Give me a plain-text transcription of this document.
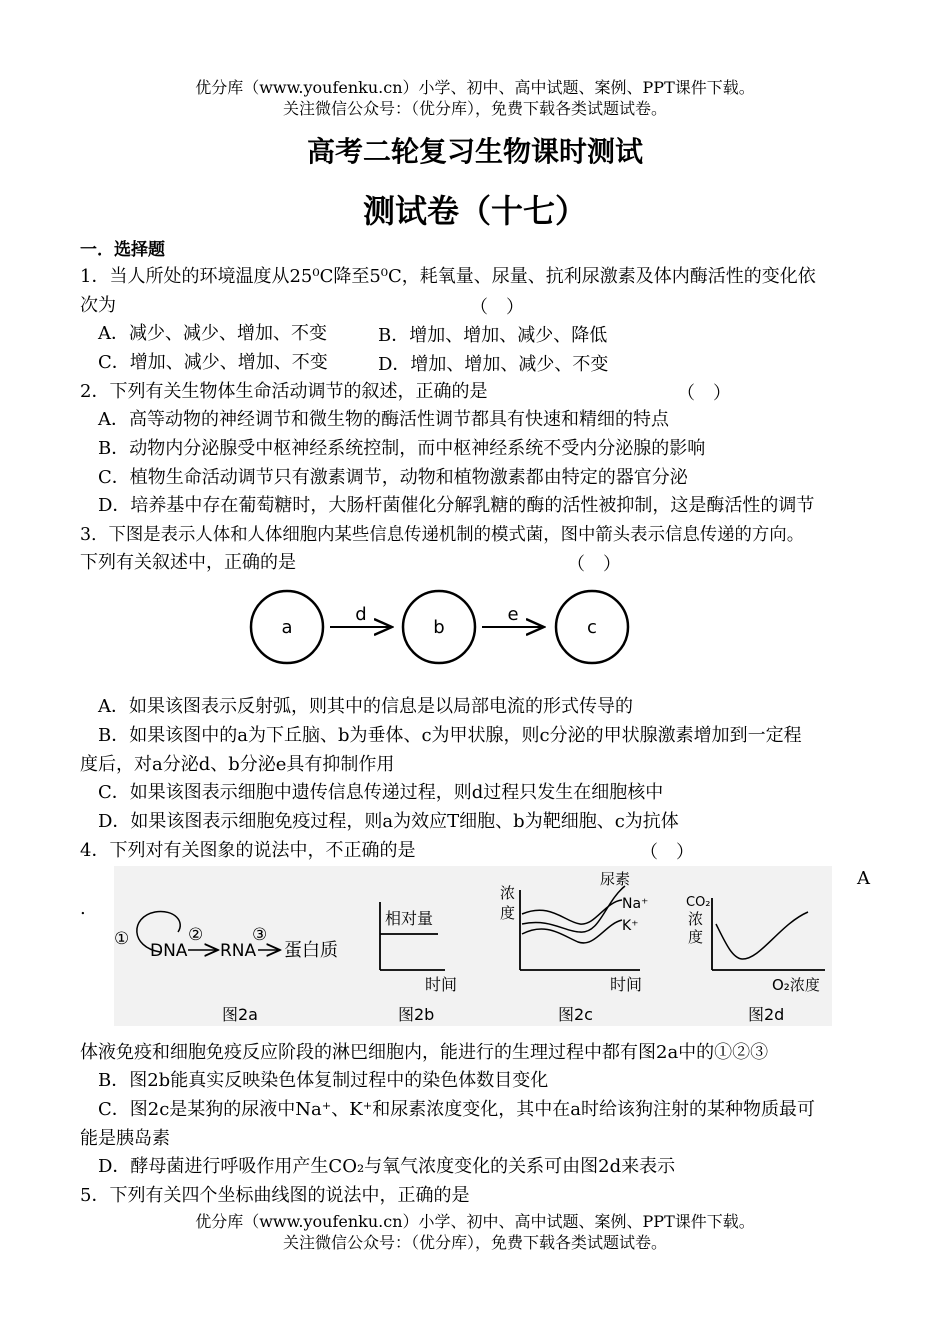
优分库（www.youfenku.cn）小学、初中、高中试题、案例、PPT课件下载。
关注微信公众号：（优分库），免费下载各类试题试卷。
高考二轮复习生物课时测试
测试卷（十七）
一．选择题
1．当人所处的环境温度从25⁰C降至5⁰C，耗氧量、尿量、抗利尿激素及体内酶活性的变化依
次为	（　）
A．减少、减少、增加、不变	B．增加、增加、减少、降低
C．增加、减少、增加、不变	D．增加、增加、减少、不变
2．下列有关生物体生命活动调节的叙述，正确的是	（　）
A．高等动物的神经调节和微生物的酶活性调节都具有快速和精细的特点
B．动物内分泌腺受中枢神经系统控制，而中枢神经系统不受内分泌腺的影响
C．植物生命活动调节只有激素调节，动物和植物激素都由特定的器官分泌
D．培养基中存在葡萄糖时，大肠杆菌催化分解乳糖的酶的活性被抑制，这是酶活性的调节
3．下图是表示人体和人体细胞内某些信息传递机制的模式菌，图中箭头表示信息传递的方向。
下列有关叙述中，正确的是	（　）
a
d
b
e
c
A．如果该图表示反射弧，则其中的信息是以局部电流的形式传导的
B．如果该图中的a为下丘脑、b为垂体、c为甲状腺，则c分泌的甲状腺激素增加到一定程
度后，对a分泌d、b分泌e具有抑制作用
C．如果该图表示细胞中遗传信息传递过程，则d过程只发生在细胞核中
D．如果该图表示细胞免疫过程，则a为效应T细胞、b为靶细胞、c为抗体
4．下列对有关图象的说法中，不正确的是	（　）
A
.
①
DNA
②
RNA
③
蛋白质
图2a
相对量
时间
图2b
浓
度
尿素
Na⁺
K⁺
时间
图2c
CO₂
浓
度
O₂浓度
图2d
体液免疫和细胞免疫反应阶段的淋巴细胞内，能进行的生理过程中都有图2a中的①②③
B．图2b能真实反映染色体复制过程中的染色体数目变化
C．图2c是某狗的尿液中Na⁺、K⁺和尿素浓度变化，其中在a时给该狗注射的某种物质最可
能是胰岛素
D．酵母菌进行呼吸作用产生CO₂与氧气浓度变化的关系可由图2d来表示
5．下列有关四个坐标曲线图的说法中，正确的是
优分库（www.youfenku.cn）小学、初中、高中试题、案例、PPT课件下载。
关注微信公众号：（优分库），免费下载各类试题试卷。
